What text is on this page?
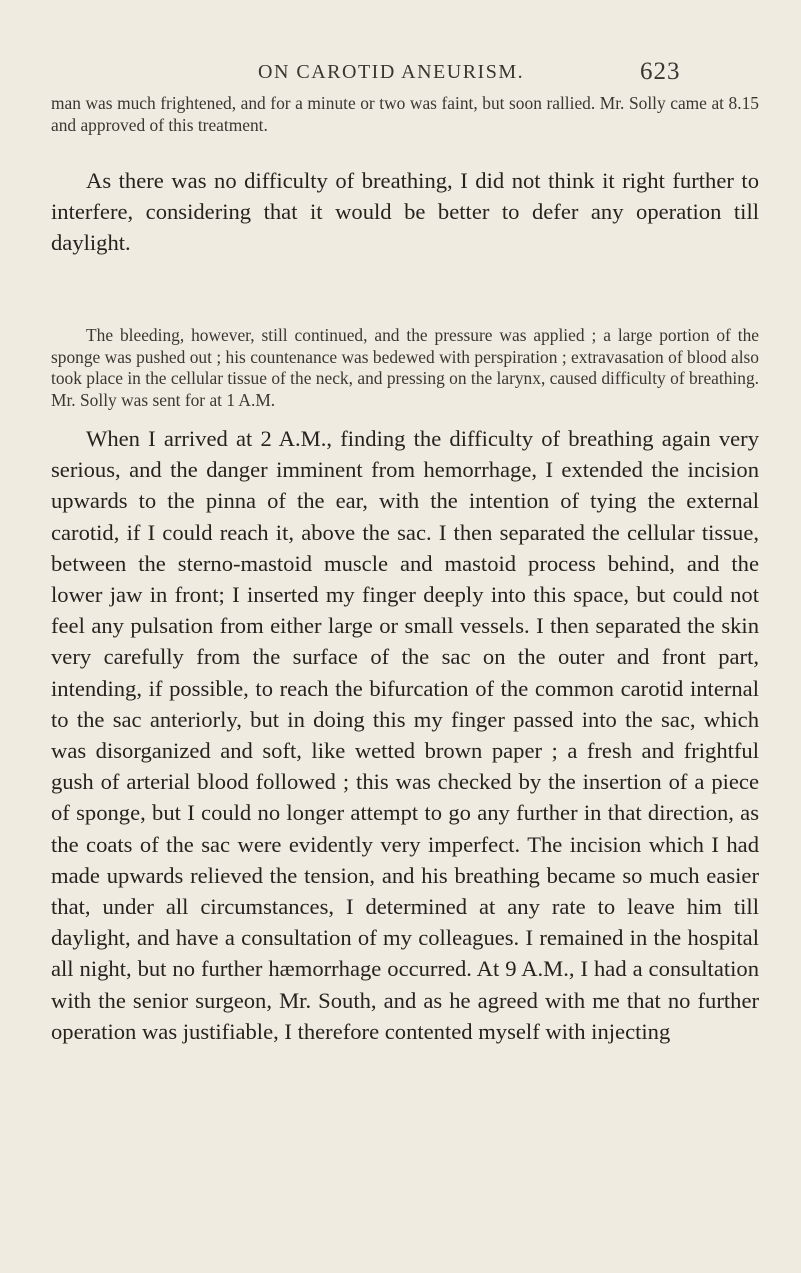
ON CAROTID ANEURISM.	623

man was much frightened, and for a minute or two was faint, but soon rallied. Mr. Solly came at 8.15 and approved of this treatment.

As there was no difficulty of breathing, I did not think it right further to interfere, considering that it would be better to defer any operation till daylight.

The bleeding, however, still continued, and the pressure was applied ; a large portion of the sponge was pushed out ; his countenance was bedewed with perspiration ; extravasation of blood also took place in the cellular tissue of the neck, and pressing on the larynx, caused difficulty of breathing. Mr. Solly was sent for at 1 A.M.

When I arrived at 2 A.M., finding the difficulty of breathing again very serious, and the danger imminent from hemorrhage, I extended the incision upwards to the pinna of the ear, with the intention of tying the external carotid, if I could reach it, above the sac. I then separated the cellular tissue, between the sterno-mastoid muscle and mastoid process behind, and the lower jaw in front; I inserted my finger deeply into this space, but could not feel any pulsation from either large or small vessels. I then separated the skin very carefully from the surface of the sac on the outer and front part, intending, if possible, to reach the bifurcation of the common carotid internal to the sac anteriorly, but in doing this my finger passed into the sac, which was disorganized and soft, like wetted brown paper ; a fresh and frightful gush of arterial blood followed ; this was checked by the insertion of a piece of sponge, but I could no longer attempt to go any further in that direction, as the coats of the sac were evidently very imperfect. The incision which I had made upwards relieved the tension, and his breathing became so much easier that, under all circumstances, I determined at any rate to leave him till daylight, and have a consultation of my colleagues. I remained in the hospital all night, but no further hæmorrhage occurred. At 9 A.M., I had a consultation with the senior surgeon, Mr. South, and as he agreed with me that no further operation was justifiable, I therefore contented myself with injecting
